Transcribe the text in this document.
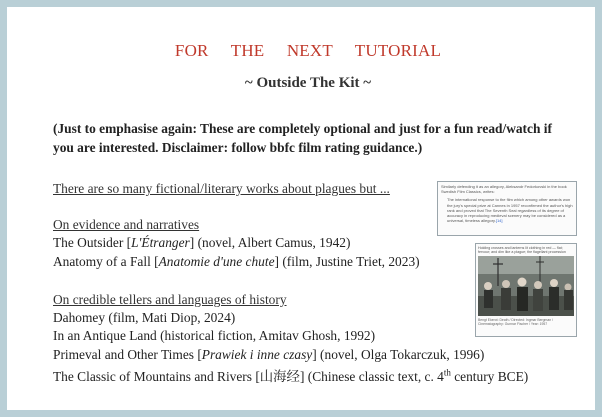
FOR THE NEXT TUTORIAL
~ Outside The Kit ~
(Just to emphasise again: These are completely optional and just for a fun read/watch if you are interested. Disclaimer: follow bbfc film rating guidance.)
There are so many fictional/literary works about plagues but ...
On evidence and narratives
The Outsider [L'Étranger] (novel, Albert Camus, 1942)
Anatomy of a Fall [Anatomie d'une chute] (film, Justine Triet, 2023)
On credible tellers and languages of history
Dahomey (film, Mati Diop, 2024)
In an Antique Land (historical fiction, Amitav Ghosh, 1992)
Primeval and Other Times [Prawiek i inne czasy] (novel, Olga Tokarczuk, 1996)
The Classic of Mountains and Rivers [山海经] (Chinese classic text, c. 4th century BCE)
Similarly defending it as an allegory, Aleksandr Fedorkovski in the book Swedish Film Classics, writes:
The international response to the film which among other awards won the jury's special prize at Cannes in 1957 reconfirmed the author's high rank and proved that The Seventh Seal regardless of its degree of accuracy in reproducing medieval scenery may be considered as a universal, timeless allegory.[14]
Holding crosses and lanterns lit clothing in red — flat; fervour; and dim like a plague; the flagellant procession
Bengt Ekerot: Death / Directed: Ingmar Bergman / Cinematography: Gunnar Fischer / Year: 1957
